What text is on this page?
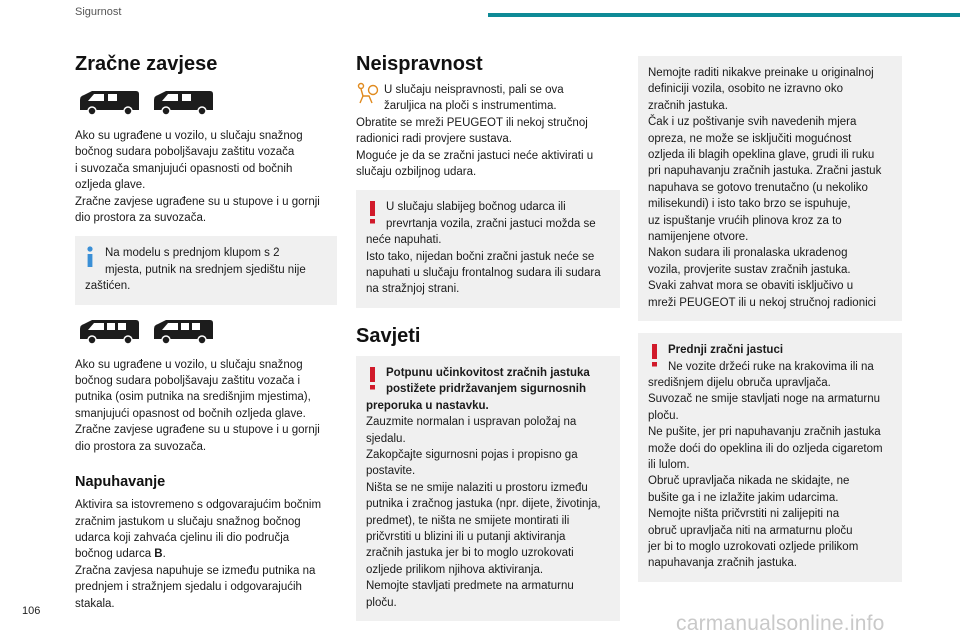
Sigurnost
106
carmanualsonline.info
Zračne zavjese

Ako su ugrađene u vozilo, u slučaju snažnog
bočnog sudara poboljšavaju zaštitu vozača
i suvozača smanjujući opasnosti od bočnih
ozljeda glave.
Zračne zavjese ugrađene su u stupove i u gornji
dio prostora za suvozača.

Na modelu s prednjom klupom s 2
mjesta, putnik na srednjem sjedištu nije
zaštićen.

Ako su ugrađene u vozilo, u slučaju snažnog
bočnog sudara poboljšavaju zaštitu vozača i
putnika (osim putnika na središnjim mjestima),
smanjujući opasnost od bočnih ozljeda glave.
Zračne zavjese ugrađene su u stupove i u gornji
dio prostora za suvozača.

Napuhavanje

Aktivira sa istovremeno s odgovarajućim bočnim
zračnim jastukom u slučaju snažnog bočnog
udarca koji zahvaća cjelinu ili dio područja
bočnog udarca B.
Zračna zavjesa napuhuje se između putnika na
prednjem i stražnjem sjedalu i odgovarajućih
stakala.

Neispravnost
U slučaju neispravnosti, pali se ova
žaruljica na ploči s instrumentima.

Obratite se mreži PEUGEOT ili nekoj stručnoj
radionici radi provjere sustava.
Moguće je da se zračni jastuci neće aktivirati u
slučaju ozbiljnog udara.

U slučaju slabijeg bočnog udarca ili
prevrtanja vozila, zračni jastuci možda se
neće napuhati.
Isto tako, nijedan bočni zračni jastuk neće se
napuhati u slučaju frontalnog sudara ili sudara
na stražnjoj strani.
Savjeti
Potpunu učinkovitost zračnih jastuka
postižete pridržavanjem sigurnosnih
preporuka u nastavku.
Zauzmite normalan i uspravan položaj na
sjedalu.
Zakopčajte sigurnosni pojas i propisno ga
postavite.
Ništa se ne smije nalaziti u prostoru između
putnika i zračnog jastuka (npr. dijete, životinja,
predmet), te ništa ne smijete montirati ili
pričvrstiti u blizini ili u putanji aktiviranja
zračnih jastuka jer bi to moglo uzrokovati
ozljede prilikom njihova aktiviranja.
Nemojte stavljati predmete na armaturnu
ploču.
Nemojte raditi nikakve preinake u originalnoj
definiciji vozila, osobito ne izravno oko
zračnih jastuka.
Čak i uz poštivanje svih navedenih mjera
opreza, ne može se isključiti mogućnost
ozljeda ili blagih opeklina glave, grudi ili ruku
pri napuhavanju zračnih jastuka. Zračni jastuk
napuhava se gotovo trenutačno (u nekoliko
milisekundi) i isto tako brzo se ispuhuje,
uz ispuštanje vrućih plinova kroz za to
namijenjene otvore.
Nakon sudara ili pronalaska ukradenog
vozila, provjerite sustav zračnih jastuka.
Svaki zahvat mora se obaviti isključivo u
mreži PEUGEOT ili u nekoj stručnoj radionici
Prednji zračni jastuci
Ne vozite držeći ruke na krakovima ili na
središnjem dijelu obruča upravljača.
Suvozač ne smije stavljati noge na armaturnu
ploču.
Ne pušite, jer pri napuhavanju zračnih jastuka
može doći do opeklina ili do ozljeda cigaretom
ili lulom.
Obruč upravljača nikada ne skidajte, ne
bušite ga i ne izlažite jakim udarcima.
Nemojte ništa pričvrstiti ni zalijepiti na
obruč upravljača niti na armaturnu ploču
jer bi to moglo uzrokovati ozljede prilikom
napuhavanja zračnih jastuka.
